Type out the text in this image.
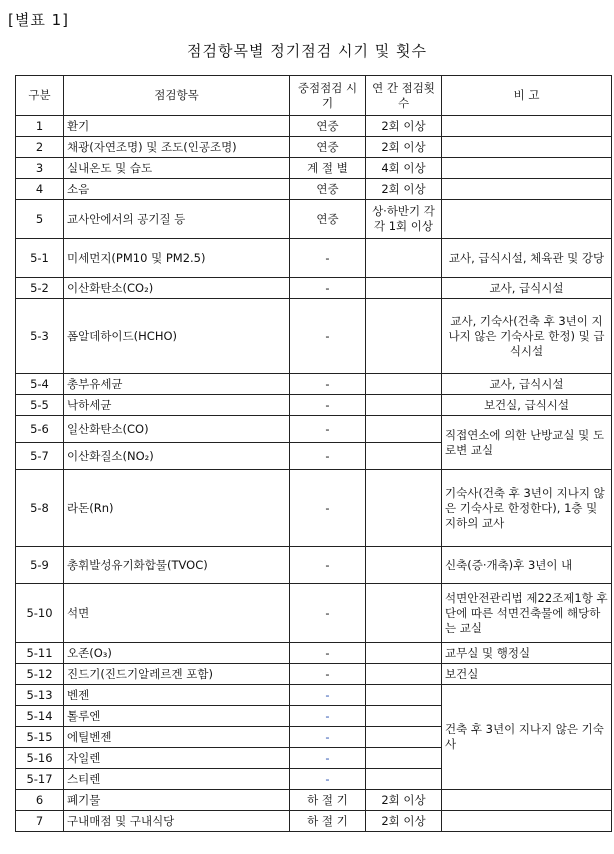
[별표 1]
점검항목별 정기점검 시기 및 횟수
구분	점검항목	중점점검 시 기	연 간 점검횟수	비 고
1	환기	연중	2회 이상	
2	채광(자연조명) 및 조도(인공조명)	연중	2회 이상	
3	실내온도 및 습도	계 절 별	4회 이상	
4	소음	연중	2회 이상	
5	교사안에서의 공기질 등	연중	상·하반기 각각 1회 이상	
5-1	미세먼지(PM10 및 PM2.5)	-		교사, 급식시설, 체육관 및 강당
5-2	이산화탄소(CO₂)	-		교사, 급식시설
5-3	폼알데하이드(HCHO)	-		교사, 기숙사(건축 후 3년이 지나지 않은 기숙사로 한정) 및 급식시설
5-4	총부유세균	-		교사, 급식시설
5-5	낙하세균	-		보건실, 급식시설
5-6	일산화탄소(CO)	-		직접연소에 의한 난방교실 및 도로변 교실
5-7	이산화질소(NO₂)	-		
5-8	라돈(Rn)	-		기숙사(건축 후 3년이 지나지 않은 기숙사로 한정한다), 1층 및 지하의 교사
5-9	총휘발성유기화합물(TVOC)	-		신축(증·개축)후 3년이 내
5-10	석면	-		석면안전관리법 제22조제1항 후단에 따른 석면건축물에 해당하는 교실
5-11	오존(O₃)	-		교무실 및 행정실
5-12	진드기(진드기알레르겐 포함)	-		보건실
5-13	벤젠	-		건축 후 3년이 지나지 않은 기숙사
5-14	톨루엔	-		
5-15	에틸벤젠	-		
5-16	자일렌	-		
5-17	스티렌	-		
6	폐기물	하 절 기	2회 이상	
7	구내매점 및 구내식당	하 절 기	2회 이상	
